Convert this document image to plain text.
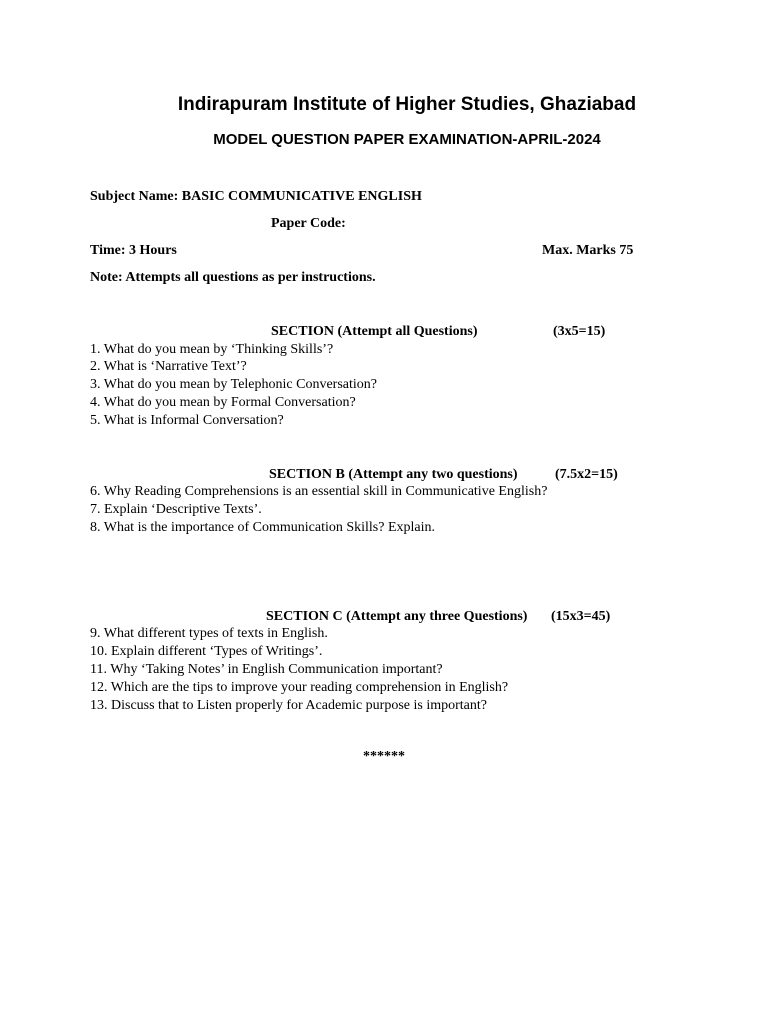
Indirapuram Institute of Higher Studies, Ghaziabad
MODEL QUESTION PAPER EXAMINATION-APRIL-2024
Subject Name: BASIC COMMUNICATIVE ENGLISH
Paper Code:
Time: 3 Hours	Max. Marks 75
Note: Attempts all questions as per instructions.
SECTION (Attempt all Questions)	(3x5=15)
1. What do you mean by ‘Thinking Skills’?
2. What is ‘Narrative Text’?
3. What do you mean by Telephonic Conversation?
4. What do you mean by Formal Conversation?
5. What is Informal Conversation?
SECTION B (Attempt any two questions)	(7.5x2=15)
6. Why Reading Comprehensions is an essential skill in Communicative English?
7. Explain ‘Descriptive Texts’.
8. What is the importance of Communication Skills? Explain.
SECTION C (Attempt any three Questions) (15x3=45)
9. What different types of texts in English.
10. Explain different ‘Types of Writings’.
11. Why ‘Taking Notes’ in English Communication important?
12. Which are the tips to improve your reading comprehension in English?
13. Discuss that to Listen properly for Academic purpose is important?
******
